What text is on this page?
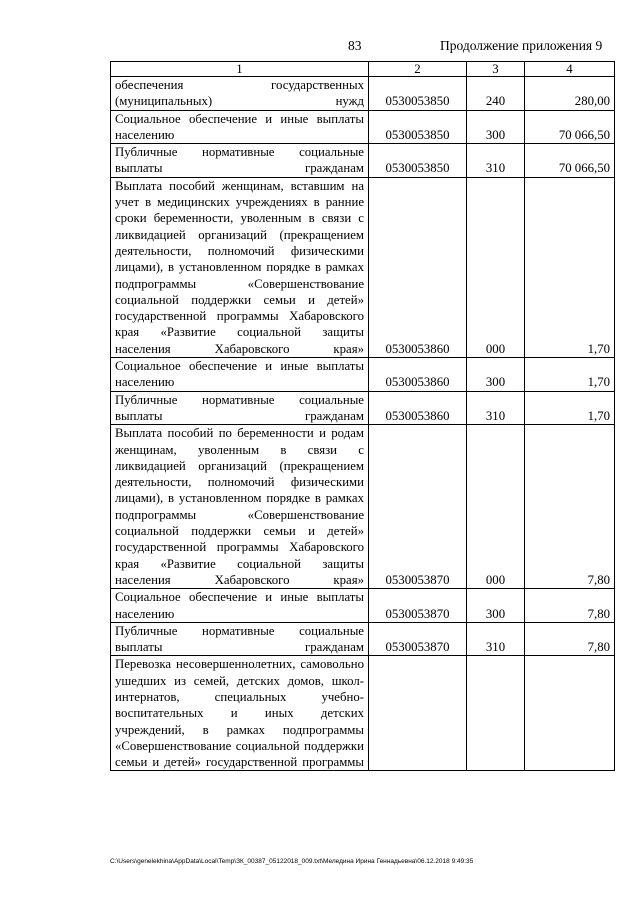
83	Продолжение приложения 9
1	2	3	4
обеспечения государственных (муниципальных) нужд	0530053850	240	280,00
Социальное обеспечение и иные выплаты населению	0530053850	300	70 066,50
Публичные нормативные социальные выплаты гражданам	0530053850	310	70 066,50
Выплата пособий женщинам, вставшим на учет в медицинских учреждениях в ранние сроки беременности, уволенным в связи с ликвидацией организаций (прекращением деятельности, полномочий физическими лицами), в установленном порядке в рамках подпрограммы «Совершенствование социальной поддержки семьи и детей» государственной программы Хабаровского края «Развитие социальной защиты населения Хабаровского края»	0530053860	000	1,70
Социальное обеспечение и иные выплаты населению	0530053860	300	1,70
Публичные нормативные социальные выплаты гражданам	0530053860	310	1,70
Выплата пособий по беременности и родам женщинам, уволенным в связи с ликвидацией организаций (прекращением деятельности, полномочий физическими лицами), в установленном порядке в рамках подпрограммы «Совершенствование социальной поддержки семьи и детей» государственной программы Хабаровского края «Развитие социальной защиты населения Хабаровского края»	0530053870	000	7,80
Социальное обеспечение и иные выплаты населению	0530053870	300	7,80
Публичные нормативные социальные выплаты гражданам	0530053870	310	7,80
Перевозка несовершеннолетних, самовольно ушедших из семей, детских домов, школ-интернатов, специальных учебно-воспитательных и иных детских учреждений, в рамках подпрограммы «Совершенствование социальной поддержки семьи и детей» государственной программы			
C:\Users\genelekhina\AppData\Local\Temp\ЗК_00387_05122018_009.txt\Меледина Ирина Геннадьевна\06.12.2018 9:49:35
